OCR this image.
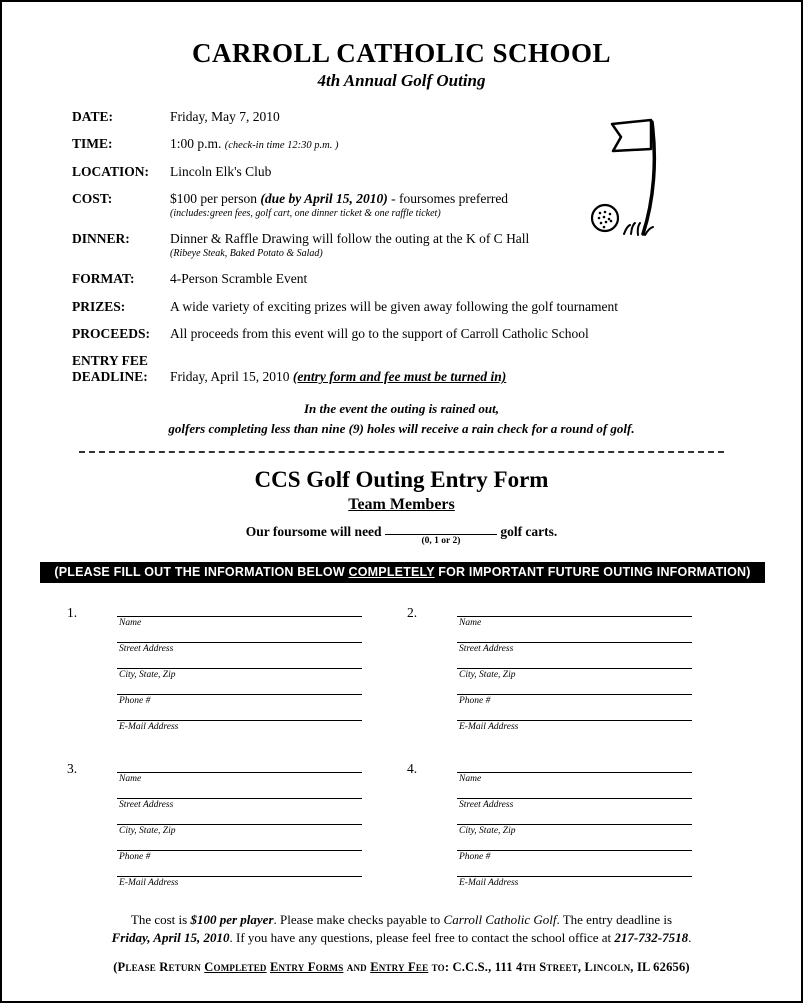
CARROLL CATHOLIC SCHOOL
4th Annual Golf Outing
DATE:	Friday, May 7, 2010
TIME:	1:00 p.m. (check-in time 12:30 p.m. )
LOCATION:	Lincoln Elk's Club
COST:	$100 per person (due by April 15, 2010) - foursomes preferred
(includes:green fees, golf cart, one dinner ticket & one raffle ticket)
DINNER:	Dinner & Raffle Drawing will follow the outing at the K of C Hall
(Ribeye Steak, Baked Potato & Salad)
FORMAT:	4-Person Scramble Event
PRIZES:	A wide variety of exciting prizes will be given away following the golf tournament
PROCEEDS:	All proceeds from this event will go to the support of Carroll Catholic School
ENTRY FEE
DEADLINE:	Friday, April 15, 2010 (entry form and fee must be turned in)
In the event the outing is rained out,
golfers completing less than nine (9) holes will receive a rain check for a round of golf.
CCS Golf Outing Entry Form
Team Members
Our foursome will need
(0, 1 or 2)
golf carts.
(PLEASE FILL OUT THE INFORMATION BELOW COMPLETELY FOR IMPORTANT FUTURE OUTING INFORMATION)
1.
Name
Street Address
City, State, Zip
Phone #
E-Mail Address
2.
Name
Street Address
City, State, Zip
Phone #
E-Mail Address
3.
Name
Street Address
City, State, Zip
Phone #
E-Mail Address
4.
Name
Street Address
City, State, Zip
Phone #
E-Mail Address
The cost is $100 per player. Please make checks payable to Carroll Catholic Golf. The entry deadline is
Friday, April 15, 2010. If you have any questions, please feel free to contact the school office at 217-732-7518.
(Please Return Completed Entry Forms and Entry Fee to: C.C.S., 111 4th Street, Lincoln, IL 62656)
